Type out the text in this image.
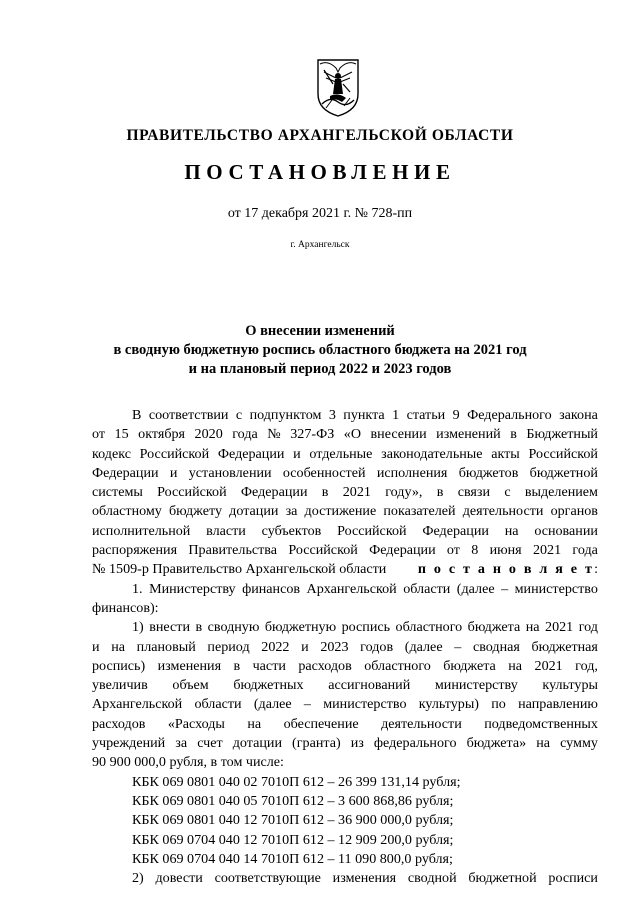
ПРАВИТЕЛЬСТВО АРХАНГЕЛЬСКОЙ ОБЛАСТИ
ПОСТАНОВЛЕНИЕ
от 17 декабря 2021 г. № 728-пп
г. Архангельск
О внесении изменений
в сводную бюджетную роспись областного бюджета на 2021 год
и на плановый период 2022 и 2023 годов
В соответствии с подпунктом 3 пункта 1 статьи 9 Федерального закона
от 15 октября 2020 года № 327-ФЗ «О внесении изменений в Бюджетный
кодекс Российской Федерации и отдельные законодательные акты Российской
Федерации и установлении особенностей исполнения бюджетов бюджетной
системы Российской Федерации в 2021 году», в связи с выделением
областному бюджету дотации за достижение показателей деятельности органов
исполнительной власти субъектов Российской Федерации на основании
распоряжения Правительства Российской Федерации от 8 июня 2021 года
№ 1509-р Правительство Архангельской области п о с т а н о в л я е т:
1. Министерству финансов Архангельской области (далее – министерство
финансов):
1) внести в сводную бюджетную роспись областного бюджета на 2021 год
и на плановый период 2022 и 2023 годов (далее – сводная бюджетная
роспись) изменения в части расходов областного бюджета на 2021 год,
увеличив объем бюджетных ассигнований министерству культуры
Архангельской области (далее – министерство культуры) по направлению
расходов «Расходы на обеспечение деятельности подведомственных
учреждений за счет дотации (гранта) из федерального бюджета» на сумму
90 900 000,0 рубля, в том числе:
КБК 069 0801 040 02 7010П 612 – 26 399 131,14 рубля;
КБК 069 0801 040 05 7010П 612 – 3 600 868,86 рубля;
КБК 069 0801 040 12 7010П 612 – 36 900 000,0 рубля;
КБК 069 0704 040 12 7010П 612 – 12 909 200,0 рубля;
КБК 069 0704 040 14 7010П 612 – 11 090 800,0 рубля;
2) довести соответствующие изменения сводной бюджетной росписи
